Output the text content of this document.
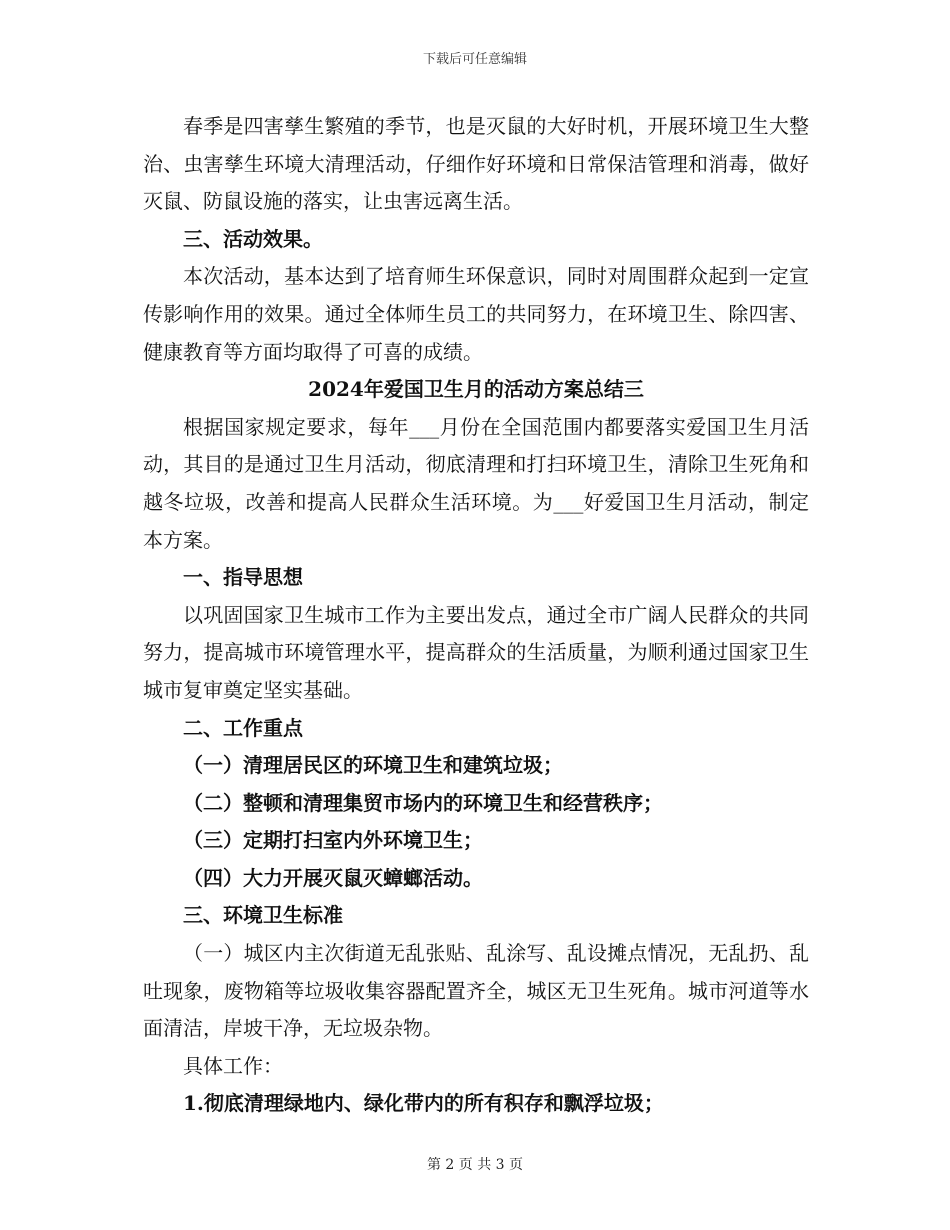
下载后可任意编辑

春季是四害孳生繁殖的季节，也是灭鼠的大好时机，开展环境卫生大整治、虫害孳生环境大清理活动，仔细作好环境和日常保洁管理和消毒，做好灭鼠、防鼠设施的落实，让虫害远离生活。

三、活动效果。

本次活动，基本达到了培育师生环保意识，同时对周围群众起到一定宣传影响作用的效果。通过全体师生员工的共同努力，在环境卫生、除四害、健康教育等方面均取得了可喜的成绩。

2024年爱国卫生月的活动方案总结三

根据国家规定要求，每年___月份在全国范围内都要落实爱国卫生月活动，其目的是通过卫生月活动，彻底清理和打扫环境卫生，清除卫生死角和越冬垃圾，改善和提高人民群众生活环境。为___好爱国卫生月活动，制定本方案。

一、指导思想

以巩固国家卫生城市工作为主要出发点，通过全市广阔人民群众的共同努力，提高城市环境管理水平，提高群众的生活质量，为顺利通过国家卫生城市复审奠定坚实基础。

二、工作重点

（一）清理居民区的环境卫生和建筑垃圾；

（二）整顿和清理集贸市场内的环境卫生和经营秩序；

（三）定期打扫室内外环境卫生；

（四）大力开展灭鼠灭蟑螂活动。

三、环境卫生标准

（一）城区内主次街道无乱张贴、乱涂写、乱设摊点情况，无乱扔、乱吐现象，废物箱等垃圾收集容器配置齐全，城区无卫生死角。城市河道等水面清洁，岸坡干净，无垃圾杂物。

具体工作：

1.彻底清理绿地内、绿化带内的所有积存和飘浮垃圾；

第 2 页 共 3 页
